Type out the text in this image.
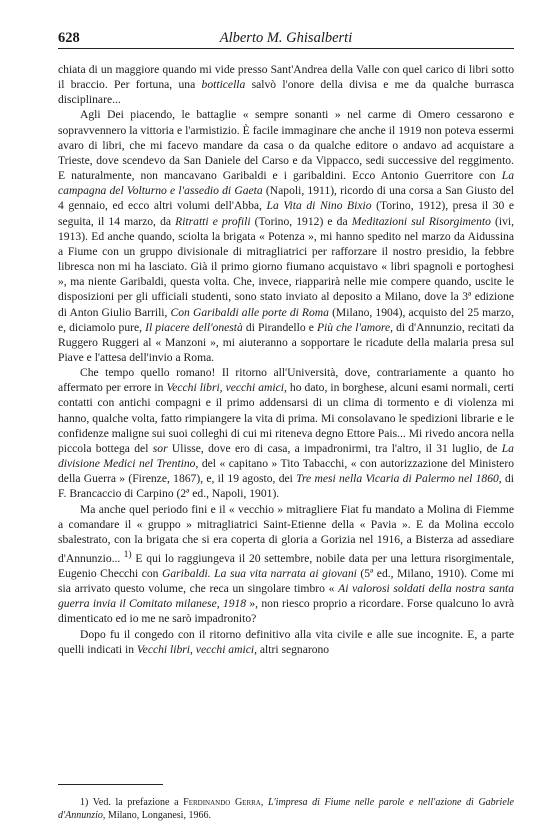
628	Alberto M. Ghisalberti

chiata di un maggiore quando mi vide presso Sant'Andrea della Valle con quel carico di libri sotto il braccio. Per fortuna, una botticella salvò l'onore della divisa e me da qualche burrasca disciplinare...

Agli Dei piacendo, le battaglie « sempre sonanti » nel carme di Omero cessarono e sopravvennero la vittoria e l'armistizio. È facile immaginare che anche il 1919 non poteva essermi avaro di libri, che mi facevo mandare da casa o da qualche editore o andavo ad acquistare a Trieste, dove scendevo da San Daniele del Carso e da Vippacco, sedi successive del reggimento. E naturalmente, non mancavano Garibaldi e i garibaldini. Ecco Antonio Guerritore con La campagna del Volturno e l'assedio di Gaeta (Napoli, 1911), ricordo di una corsa a San Giusto del 4 gennaio, ed ecco altri volumi dell'Abba, La Vita di Nino Bixio (Torino, 1912), presa il 30 e seguita, il 14 marzo, da Ritratti e profili (Torino, 1912) e da Meditazioni sul Risorgimento (ivi, 1913). Ed anche quando, sciolta la brigata « Potenza », mi hanno spedito nel marzo da Aidussina a Fiume con un gruppo divisionale di mitragliatrici per rafforzare il nostro presidio, la febbre libresca non mi ha lasciato. Già il primo giorno fiumano acquistavo « libri spagnoli e portoghesi », ma niente Garibaldi, questa volta. Che, invece, riapparirà nelle mie compere quando, uscite le disposizioni per gli ufficiali studenti, sono stato inviato al deposito a Milano, dove la 3ª edizione di Anton Giulio Barrili, Con Garibaldi alle porte di Roma (Milano, 1904), acquisto del 25 marzo, e, diciamolo pure, Il piacere dell'onestà di Pirandello e Più che l'amore, di d'Annunzio, recitati da Ruggero Ruggeri al « Manzoni », mi aiuteranno a sopportare le ricadute della malaria presa sul Piave e l'attesa dell'invio a Roma.

Che tempo quello romano! Il ritorno all'Università, dove, contrariamente a quanto ho affermato per errore in Vecchi libri, vecchi amici, ho dato, in borghese, alcuni esami normali, certi contatti con antichi compagni e il primo addensarsi di un clima di tormento e di violenza mi hanno, qualche volta, fatto rimpiangere la vita di prima. Mi consolavano le spedizioni librarie e le confidenze maligne sui suoi colleghi di cui mi riteneva degno Ettore Pais... Mi rivedo ancora nella piccola bottega del sor Ulisse, dove ero di casa, a impadronirmi, tra l'altro, il 31 luglio, de La divisione Medici nel Trentino, del « capitano » Tito Tabacchi, « con autorizzazione del Ministero della Guerra » (Firenze, 1867), e, il 19 agosto, dei Tre mesi nella Vicaria di Palermo nel 1860, di F. Brancaccio di Carpino (2ª ed., Napoli, 1901).

Ma anche quel periodo fini e il « vecchio » mitragliere Fiat fu mandato a Molina di Fiemme a comandare il « gruppo » mitragliatrici Saint-Etienne della « Pavia ». E da Molina eccolo sbalestrato, con la brigata che si era coperta di gloria a Gorizia nel 1916, a Bisterza ad assediare d'Annunzio... $^{1)}$ E qui lo raggiungeva il 20 settembre, nobile data per una lettura risorgimentale, Eugenio Checchi con Garibaldi. La sua vita narrata ai giovani (5ª ed., Milano, 1910). Come mi sia arrivato questo volume, che reca un singolare timbro « Ai valorosi soldati della nostra santa guerra invia il Comitato milanese, 1918 », non riesco proprio a ricordare. Forse qualcuno lo avrà dimenticato ed io me ne sarò impadronito?

Dopo fu il congedo con il ritorno definitivo alla vita civile e alle sue incognite. E, a parte quelli indicati in Vecchi libri, vecchi amici, altri segnarono

1) Ved. la prefazione a Ferdinando Gerra, L'impresa di Fiume nelle parole e nell'azione di Gabriele d'Annunzio, Milano, Longanesi, 1966.
